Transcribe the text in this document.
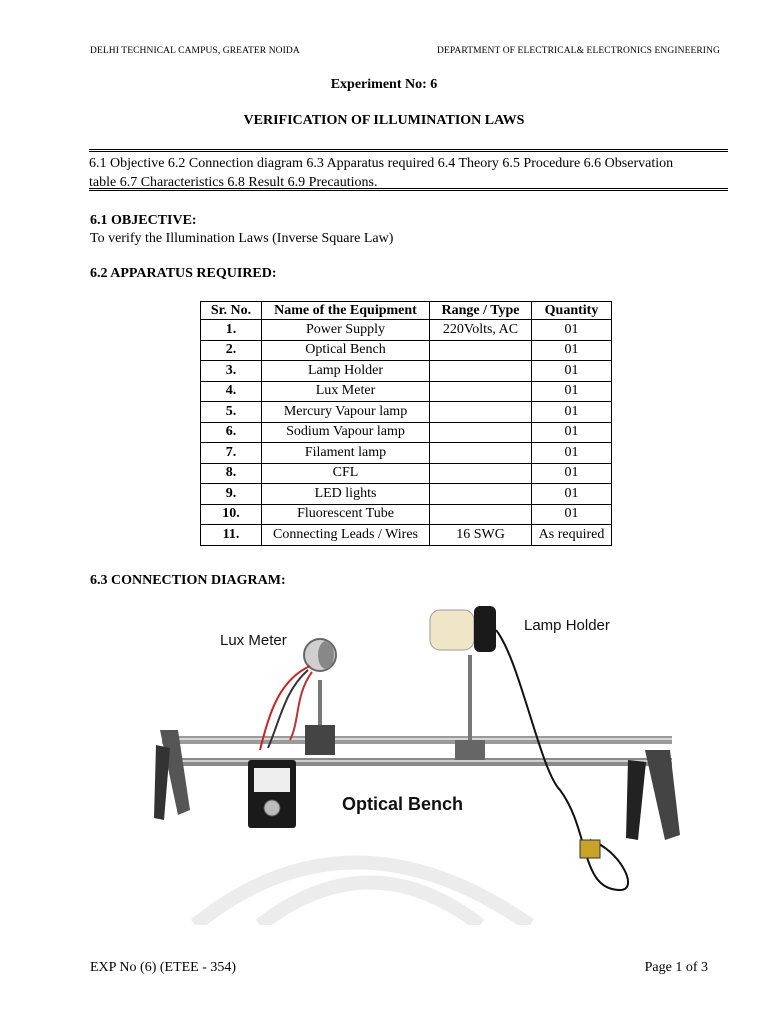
DELHI TECHNICAL CAMPUS, GREATER NOIDA	DEPARTMENT OF ELECTRICAL& ELECTRONICS ENGINEERING
Experiment No: 6
VERIFICATION OF ILLUMINATION LAWS
6.1 Objective 6.2 Connection diagram 6.3 Apparatus required 6.4 Theory 6.5 Procedure 6.6 Observation
table 6.7 Characteristics 6.8 Result 6.9 Precautions.
6.1 OBJECTIVE:
To verify the Illumination Laws (Inverse Square Law)
6.2 APPARATUS REQUIRED:
Sr. No.	Name of the Equipment	Range / Type	Quantity
1.	Power Supply	220Volts, AC	01
2.	Optical Bench		01
3.	Lamp Holder		01
4.	Lux Meter		01
5.	Mercury Vapour lamp		01
6.	Sodium Vapour lamp		01
7.	Filament lamp		01
8.	CFL		01
9.	LED lights		01
10.	Fluorescent Tube		01
11.	Connecting Leads / Wires	16 SWG	As required
6.3 CONNECTION DIAGRAM:
Lux Meter
Lamp Holder
Optical Bench
EXP No (6) (ETEE - 354)	Page 1 of 3
